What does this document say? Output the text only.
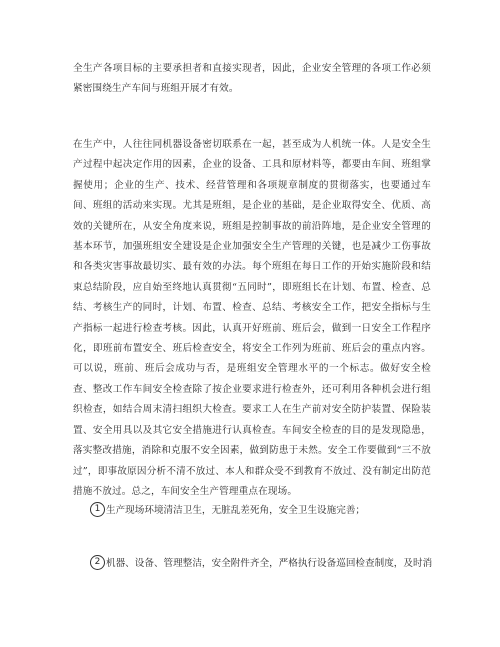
全生产各项目标的主要承担者和直接实现者，因此，企业安全管理的各项工作必须紧密围绕生产车间与班组开展才有效。

在生产中，人往往同机器设备密切联系在一起，甚至成为人机统一体。人是安全生产过程中起决定作用的因素，企业的设备、工具和原材料等，都要由车间、班组掌握使用；企业的生产、技术、经营管理和各项规章制度的贯彻落实，也要通过车间、班组的活动来实现。尤其是班组，是企业的基础，是企业取得安全、优质、高效的关键所在，从安全角度来说，班组是控制事故的前沿阵地，是企业安全管理的基本环节，加强班组安全建设是企业加强安全生产管理的关键，也是减少工伤事故和各类灾害事故最切实、最有效的办法。每个班组在每日工作的开始实施阶段和结束总结阶段，应自始至终地认真贯彻“五同时”，即班组长在计划、布置、检查、总结、考核生产的同时，计划、布置、检查、总结、考核安全工作，把安全指标与生产指标一起进行检查考核。因此，认真开好班前、班后会，做到一日安全工作程序化，即班前布置安全、班后检查安全，将安全工作列为班前、班后会的重点内容。可以说，班前、班后会成功与否，是班组安全管理水平的一个标志。做好安全检查、整改工作车间安全检查除了按企业要求进行检查外，还可利用各种机会进行组织检查，如结合周末清扫组织大检查。要求工人在生产前对安全防护装置、保险装置、安全用具以及其它安全措施进行认真检查。车间安全检查的目的是发现隐患，落实整改措施，消除和克服不安全因素，做到防患于未然。安全工作要做到“三不放过”，即事故原因分析不清不放过、本人和群众受不到教育不放过、没有制定出防范措施不放过。总之，车间安全生产管理重点在现场。

1 生产现场环境清洁卫生，无脏乱差死角，安全卫生设施完善；

2 机器、设备、管理整洁，安全附件齐全，严格执行设备巡回检查制度，及时消
